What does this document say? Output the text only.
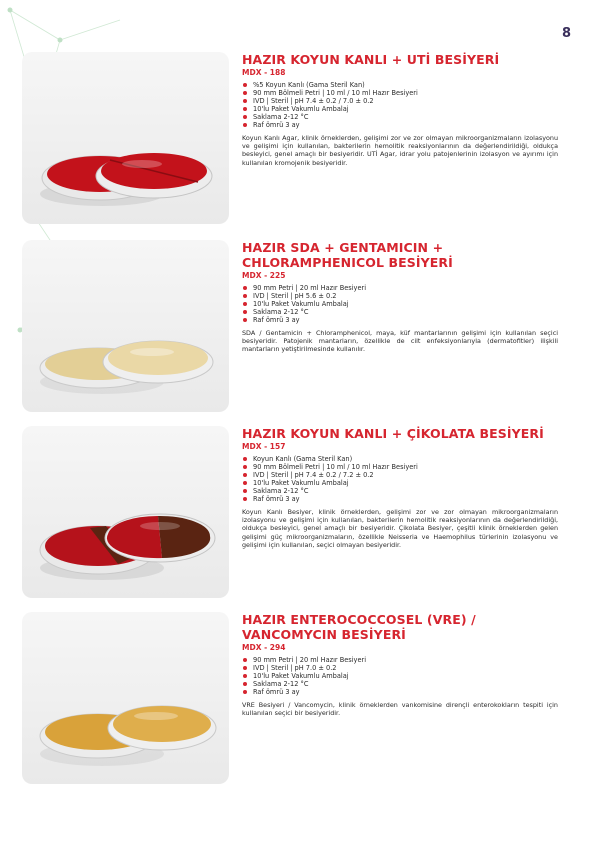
8
HAZIR KOYUN KANLI + UTİ BESİYERİ
MDX - 188
%5 Koyun Kanlı (Gama Steril Kan)
90 mm Bölmeli Petri | 10 ml / 10 ml Hazır Besiyeri
IVD | Steril | pH 7.4 ± 0.2 / 7.0 ± 0.2
10'lu Paket Vakumlu Ambalaj
Saklama 2-12 °C
Raf ömrü 3 ay

Koyun Kanlı Agar, klinik örneklerden, gelişimi zor ve zor olmayan mikroorganizmaların izolasyonu ve gelişimi için kullanılan, bakterilerin hemolitik reaksiyonlarının da değerlendirildiği, oldukça besleyici, genel amaçlı bir besiyeridir. UTİ Agar, idrar yolu patojenlerinin izolasyon ve ayırımı için kullanılan kromojenik besiyeridir.

HAZIR SDA + GENTAMICIN + CHLORAMPHENICOL BESİYERİ
MDX - 225
90 mm Petri | 20 ml Hazır Besiyeri
IVD | Steril | pH 5.6 ± 0.2
10'lu Paket Vakumlu Ambalaj
Saklama 2-12 °C
Raf ömrü 3 ay

SDA / Gentamicin + Chloramphenicol, maya, küf mantarlarının gelişimi için kullanılan seçici besiyeridir. Patojenik mantarların, özellikle de cilt enfeksiyonlarıyla (dermatofitler) ilişkili mantarların yetiştirilmesinde kullanılır.

HAZIR KOYUN KANLI + ÇİKOLATA BESİYERİ
MDX - 157
Koyun Kanlı (Gama Steril Kan)
90 mm Bölmeli Petri | 10 ml / 10 ml Hazır Besiyeri
IVD | Steril | pH 7.4 ± 0.2 / 7.2 ± 0.2
10'lu Paket Vakumlu Ambalaj
Saklama 2-12 °C
Raf ömrü 3 ay

Koyun Kanlı Besiyer, klinik örneklerden, gelişimi zor ve zor olmayan mikroorganizmaların izolasyonu ve gelişimi için kullanılan, bakterilerin hemolitik reaksiyonlarının da değerlendirildiği, oldukça besleyici, genel amaçlı bir besiyeridir. Çikolata Besiyer, çeşitli klinik örneklerden gelen gelişimi güç mikroorganizmaların, özellikle Neisseria ve Haemophilus türlerinin izolasyonu ve gelişimi için kullanılan, seçici olmayan besiyeridir.

HAZIR ENTEROCOCCOSEL (VRE) / VANCOMYCIN BESİYERİ
MDX - 294
90 mm Petri | 20 ml Hazır Besiyeri
IVD | Steril | pH 7.0 ± 0.2
10'lu Paket Vakumlu Ambalaj
Saklama 2-12 °C
Raf ömrü 3 ay

VRE Besiyeri / Vancomycin, klinik örneklerden vankomisine dirençli enterokokların tespiti için kullanılan seçici bir besiyeridir.
